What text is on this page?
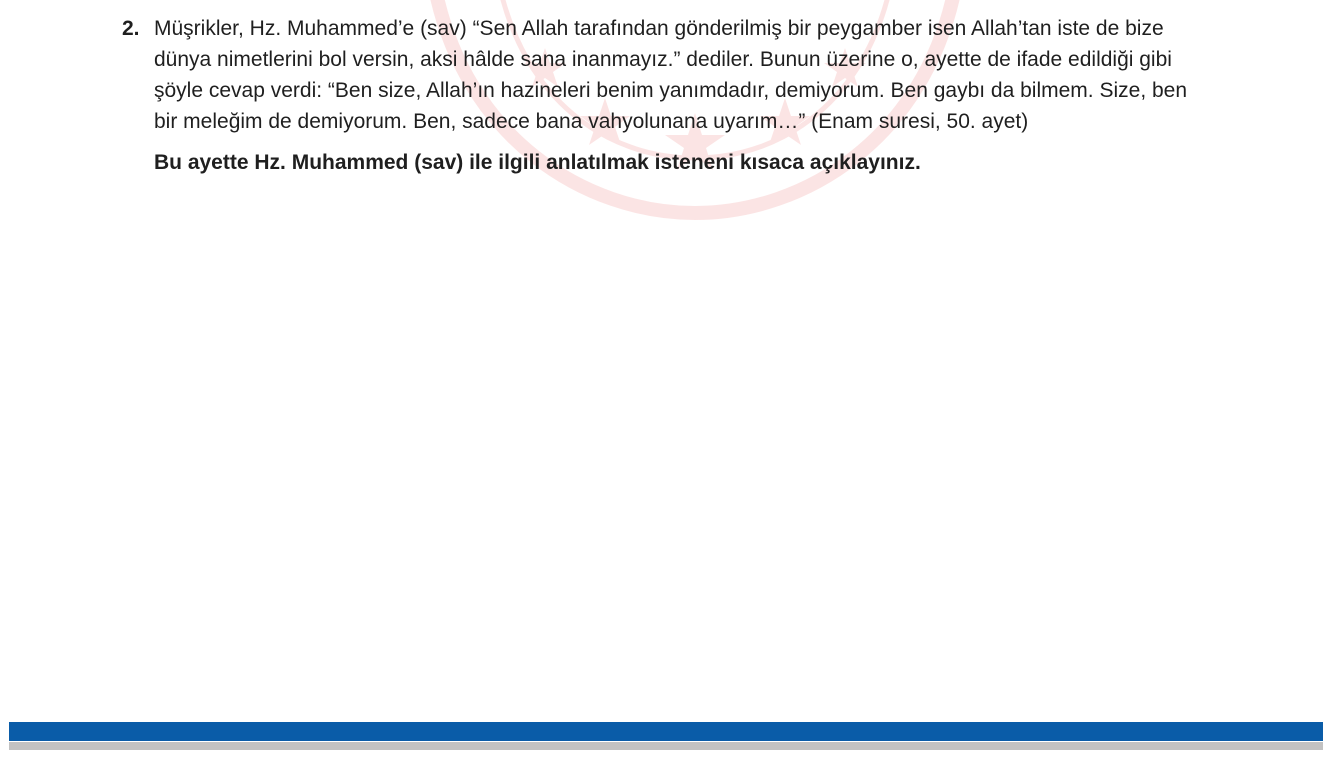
2. Müşrikler, Hz. Muhammed’e (sav) “Sen Allah tarafından gönderilmiş bir peygamber isen Allah’tan iste de bize dünya nimetlerini bol versin, aksi hâlde sana inanmayız.” dediler. Bunun üzerine o, ayette de ifade edildiği gibi şöyle cevap verdi: “Ben size, Allah’ın hazineleri benim yanımdadır, demiyorum. Ben gaybı da bilmem. Size, ben bir meleğim de demiyorum. Ben, sadece bana vahyolunana uyarım…” (Enam suresi, 50. ayet)

Bu ayette Hz. Muhammed (sav) ile ilgili anlatılmak isteneni kısaca açıklayınız.
